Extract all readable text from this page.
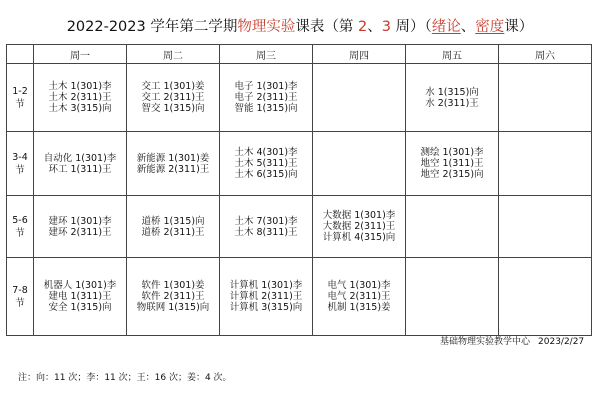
2022-2023 学年第二学期物理实验课表（第 2、3 周）（绪论、密度课）
	周一	周二	周三	周四	周五	周六

1-2
节	土木 1(301)李
土木 2(311)王
土木 3(315)向	交工 1(301)姜
交工 2(311)王
智交 1(315)向	电子 1(301)李
电子 2(311)王
智能 1(315)向		水 1(315)向
水 2(311)王	

3-4
节	自动化 1(301)李
环工 1(311)王	新能源 1(301)姜
新能源 2(311)王	土木 4(301)李
土木 5(311)王
土木 6(315)向		测绘 1(301)李
地空 1(311)王
地空 2(315)向	

5-6
节	建环 1(301)李
建环 2(311)王	道桥 1(315)向
道桥 2(311)王	土木 7(301)李
土木 8(311)王	大数据 1(301)李
大数据 2(311)王
计算机 4(315)向		

7-8
节	机器人 1(301)李
建电 1(311)王
安全 1(315)向	软件 1(301)姜
软件 2(311)王
物联网 1(315)向	计算机 1(301)李
计算机 2(311)王
计算机 3(315)向	电气 1(301)李
电气 2(311)王
机制 1(315)姜		

基础物理实验教学中心 2023/2/27
注：向：11 次；李：11 次；王：16 次；姜：4 次。
